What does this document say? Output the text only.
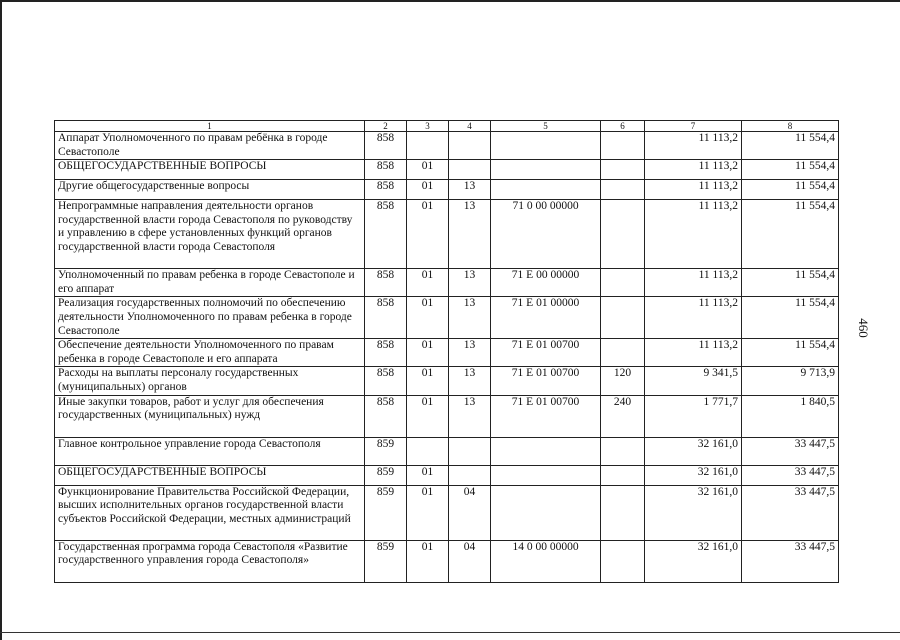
460
1	2	3	4	5	6	7	8
Аппарат Уполномоченного по правам ребёнка в городе Севастополе	858					11 113,2	11 554,4
ОБЩЕГОСУДАРСТВЕННЫЕ ВОПРОСЫ	858	01				11 113,2	11 554,4
Другие общегосударственные вопросы	858	01	13			11 113,2	11 554,4
Непрограммные направления деятельности органов государственной власти города Севастополя по руководству и управлению в сфере установленных функций органов государственной власти города Севастополя	858	01	13	71 0 00 00000		11 113,2	11 554,4
Уполномоченный по правам ребенка в городе Севастополе и его аппарат	858	01	13	71 Е 00 00000		11 113,2	11 554,4
Реализация государственных полномочий по обеспечению деятельности Уполномоченного по правам ребенка в городе Севастополе	858	01	13	71 Е 01 00000		11 113,2	11 554,4
Обеспечение деятельности Уполномоченного по правам ребенка в городе Севастополе и его аппарата	858	01	13	71 Е 01 00700		11 113,2	11 554,4
Расходы на выплаты персоналу государственных (муниципальных) органов	858	01	13	71 Е 01 00700	120	9 341,5	9 713,9
Иные закупки товаров, работ и услуг для обеспечения государственных (муниципальных) нужд	858	01	13	71 Е 01 00700	240	1 771,7	1 840,5
Главное контрольное управление города Севастополя	859					32 161,0	33 447,5
ОБЩЕГОСУДАРСТВЕННЫЕ ВОПРОСЫ	859	01				32 161,0	33 447,5
Функционирование Правительства Российской Федерации, высших исполнительных органов государственной власти субъектов Российской Федерации, местных администраций	859	01	04			32 161,0	33 447,5
Государственная программа города Севастополя «Развитие государственного управления города Севастополя»	859	01	04	14 0 00 00000		32 161,0	33 447,5
